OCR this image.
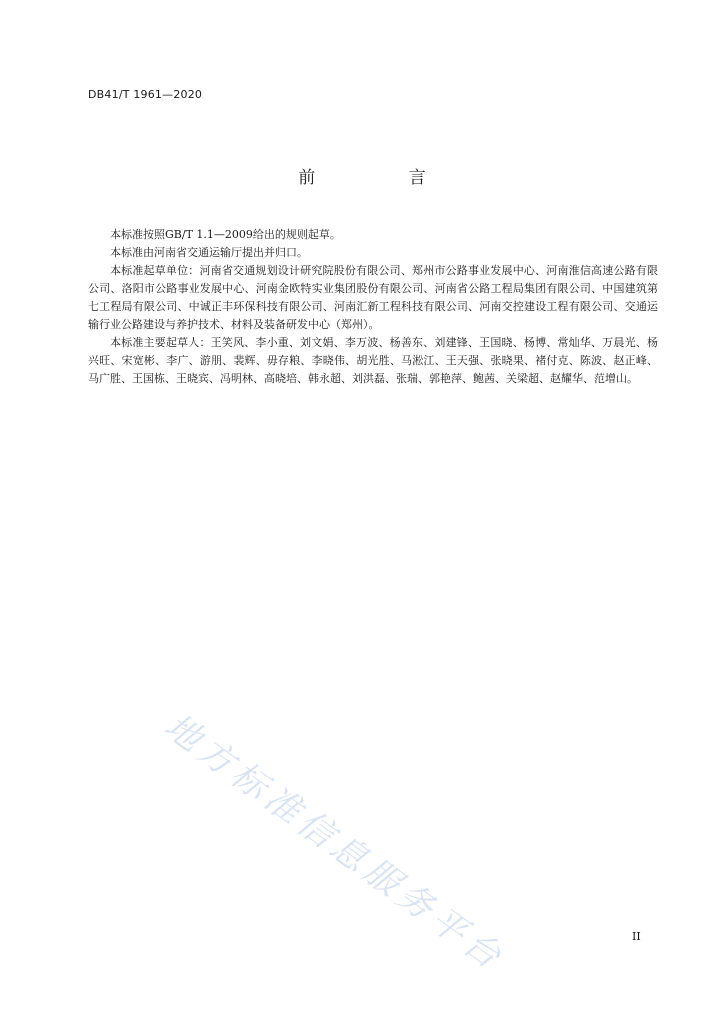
DB41/T 1961—2020
前 言

本标准按照GB/T 1.1—2009给出的规则起草。

本标准由河南省交通运输厅提出并归口。

本标准起草单位：河南省交通规划设计研究院股份有限公司、郑州市公路事业发展中心、河南淮信高速公路有限公司、洛阳市公路事业发展中心、河南金欧特实业集团股份有限公司、河南省公路工程局集团有限公司、中国建筑第七工程局有限公司、中诚正丰环保科技有限公司、河南汇新工程科技有限公司、河南交控建设工程有限公司、交通运输行业公路建设与养护技术、材料及装备研发中心（郑州）。

本标准主要起草人：王笑风、李小重、刘文娟、李万波、杨善东、刘建锋、王国晓、杨博、常灿华、万晨光、杨兴旺、宋宽彬、李广、游朋、裴辉、毋存粮、李晓伟、胡光胜、马淞江、王天强、张晓果、褚付克、陈波、赵正峰、马广胜、王国栋、王晓宾、冯明林、高晓培、韩永超、刘洪磊、张瑞、郭艳萍、鲍茜、关梁超、赵耀华、范增山。

地方标准信息服务平台	II
